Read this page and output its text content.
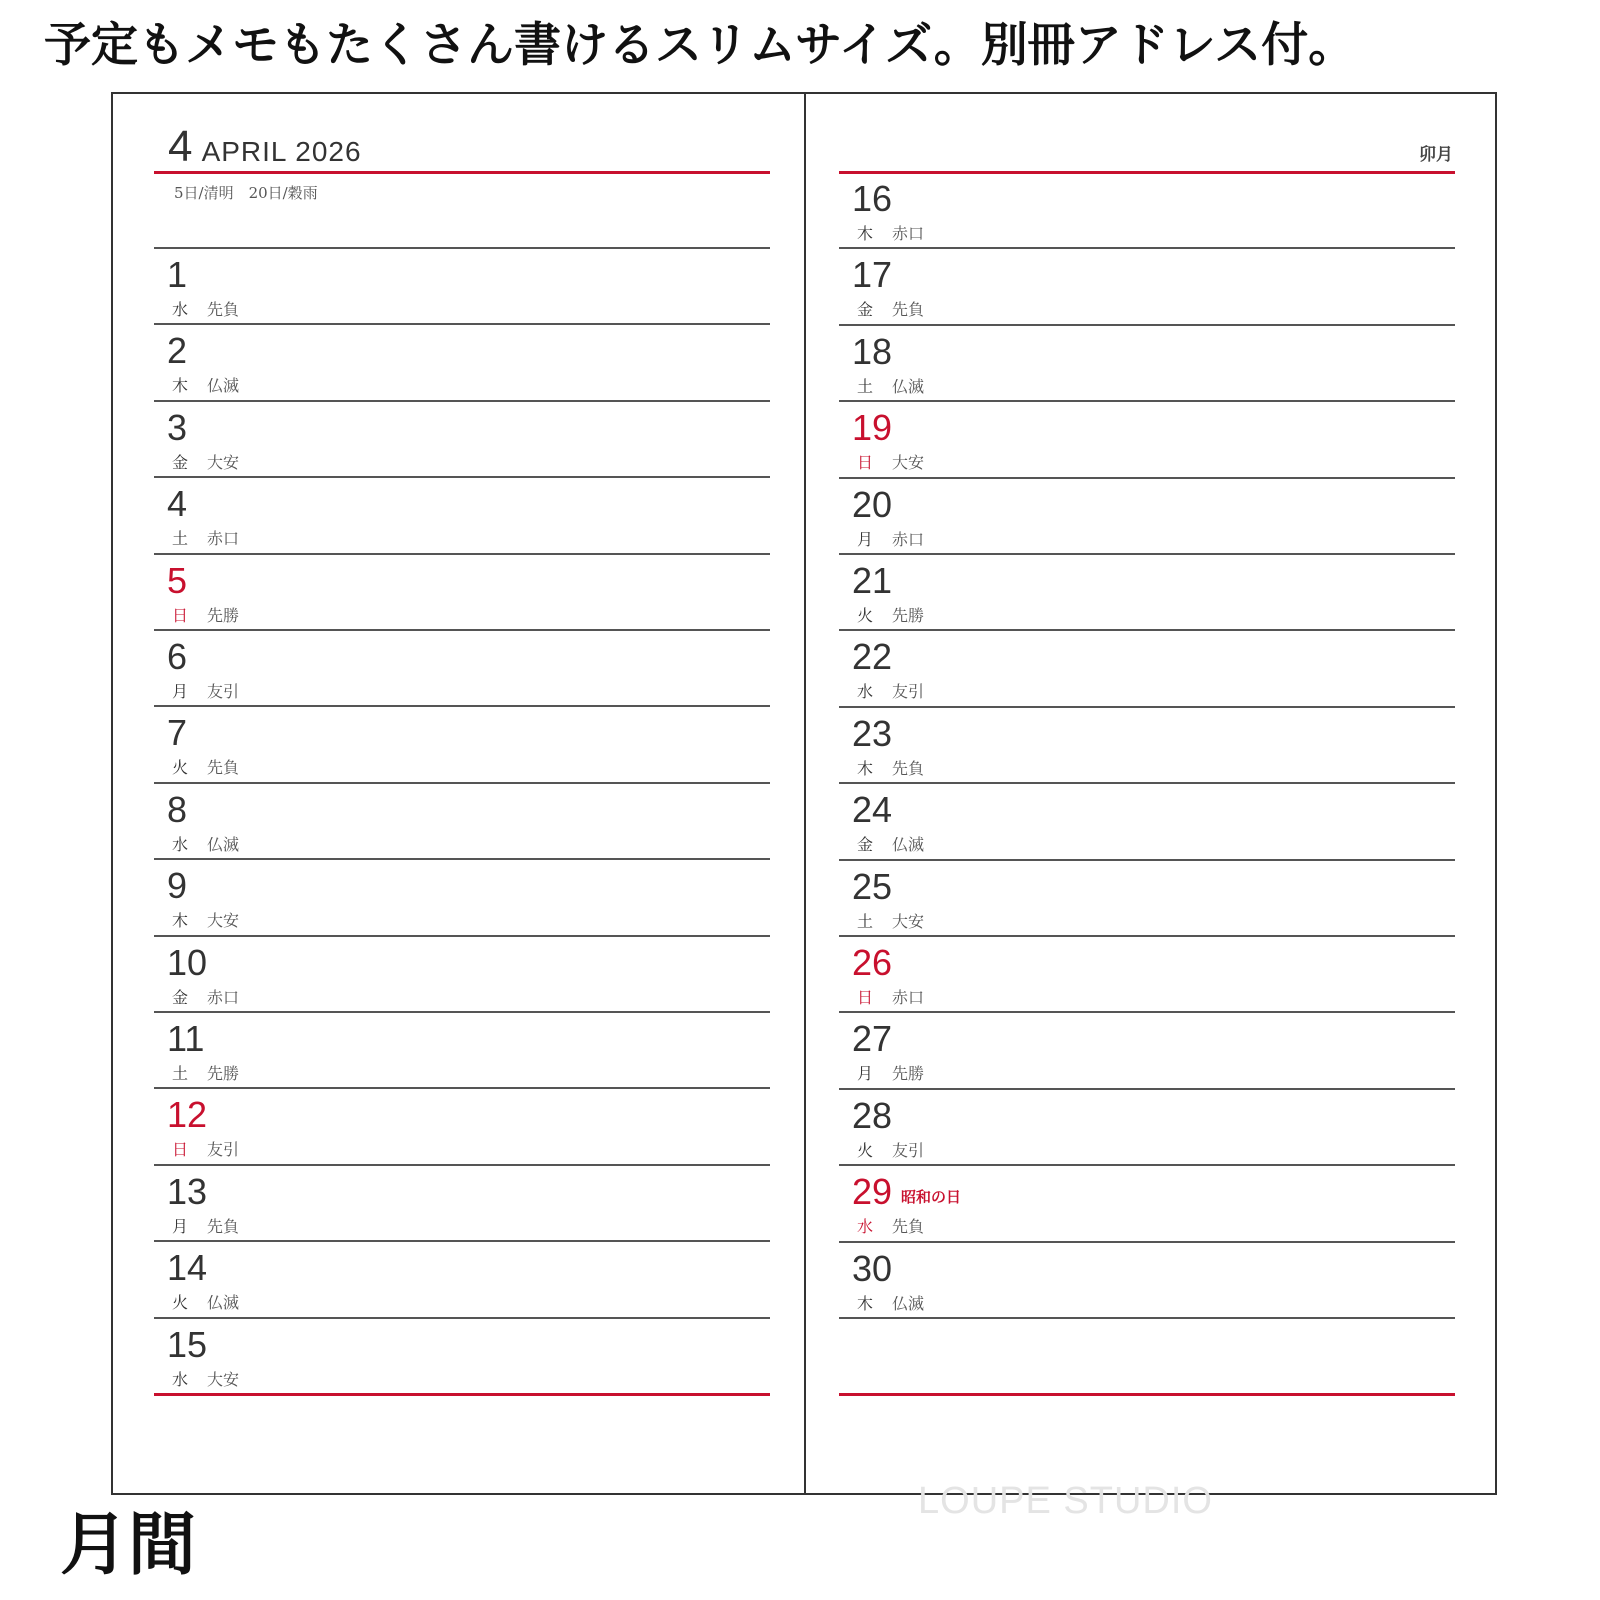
予定もメモもたくさん書けるスリムサイズ。別冊アドレス付。
4 APRIL 2026
5日/清明　20日/穀雨
1
水 先負
2
木 仏滅
3
金 大安
4
土 赤口
5
日 先勝
6
月 友引
7
火 先負
8
水 仏滅
9
木 大安
10
金 赤口
11
土 先勝
12
日 友引
13
月 先負
14
火 仏滅
15
水 大安
卯月
16
木 赤口
17
金 先負
18
土 仏滅
19
日 大安
20
月 赤口
21
火 先勝
22
水 友引
23
木 先負
24
金 仏滅
25
土 大安
26
日 赤口
27
月 先勝
28
火 友引
29
水 先負
昭和の日
30
木 仏滅
月間
LOUPE STUDIO
